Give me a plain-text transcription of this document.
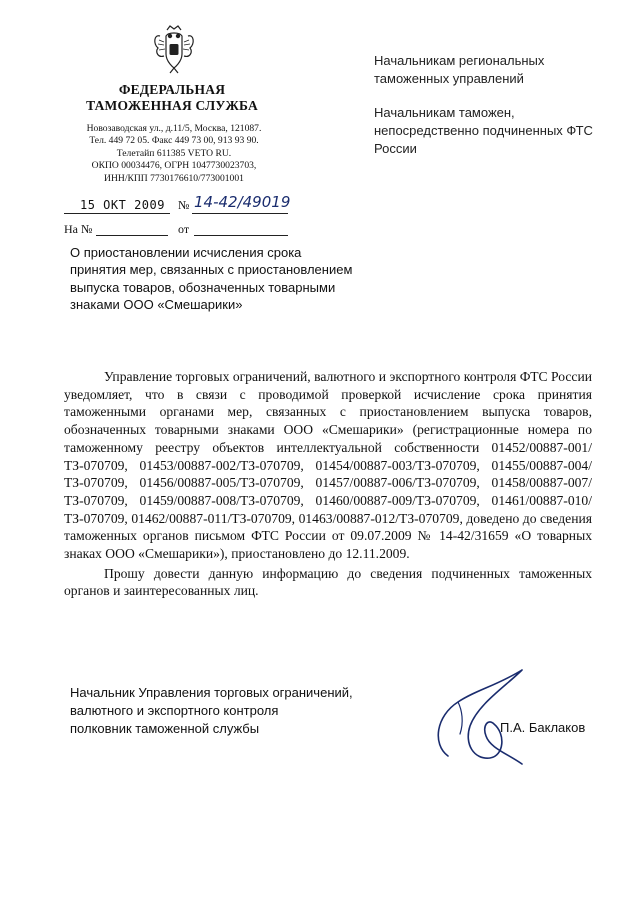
ФЕДЕРАЛЬНАЯ
ТАМОЖЕННАЯ СЛУЖБА
Новозаводская ул., д.11/5, Москва, 121087.
Тел. 449 72 05. Факс 449 73 00, 913 93 90.
Телетайп 611385 VETO RU.
ОКПО 00034476, ОГРН 1047730023703,
ИНН/КПП 7730176610/773001001
15 ОКТ 2009 № 14-42/49019
На №	от
Начальникам региональных таможенных управлений
Начальникам таможен, непосредственно подчиненных ФТС России
О приостановлении исчисления срока принятия мер, связанных с приостановлением выпуска товаров, обозначенных товарными знаками ООО «Смешарики»

Управление торговых ограничений, валютного и экспортного контроля ФТС России уведомляет, что в связи с проводимой проверкой исчисление срока принятия таможенными органами мер, связанных с приостановлением выпуска товаров, обозначенных товарными знаками ООО «Смешарики» (регистрационные номера по таможенному реестру объектов интеллектуальной собственности 01452/00887-001/ТЗ-070709, 01453/00887-002/ТЗ-070709, 01454/00887-003/ТЗ-070709, 01455/00887-004/ТЗ-070709, 01456/00887-005/ТЗ-070709, 01457/00887-006/ТЗ-070709, 01458/00887-007/ТЗ-070709, 01459/00887-008/ТЗ-070709, 01460/00887-009/ТЗ-070709, 01461/00887-010/ТЗ-070709, 01462/00887-011/ТЗ-070709, 01463/00887-012/ТЗ-070709, доведено до сведения таможенных органов письмом ФТС России от 09.07.2009 № 14-42/31659 «О товарных знаках ООО «Смешарики»), приостановлено до 12.11.2009.

Прошу довести данную информацию до сведения подчиненных таможенных органов и заинтересованных лиц.

Начальник Управления торговых ограничений,
валютного и экспортного контроля
полковник таможенной службы	П.А. Баклаков
